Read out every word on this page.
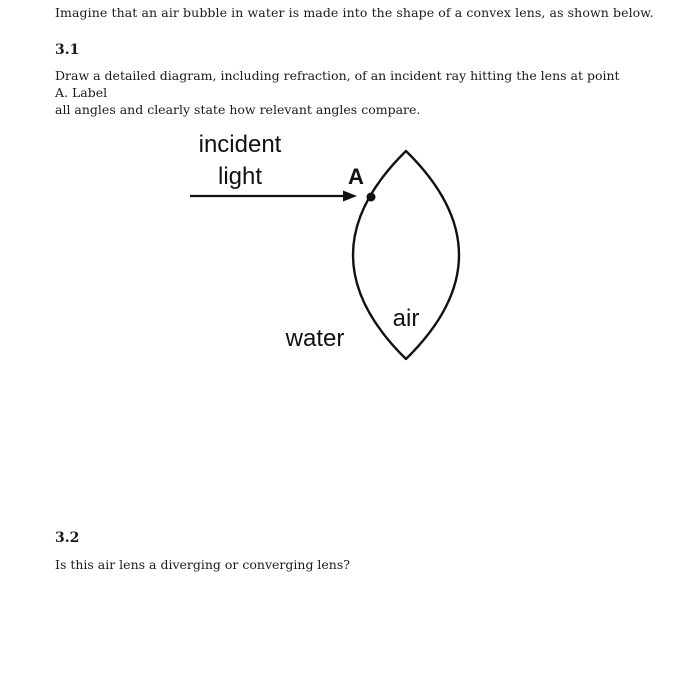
Imagine that an air bubble in water is made into the shape of a convex lens, as shown below.
3.1
Draw a detailed diagram, including refraction, of an incident ray hitting the lens at point A. Label
all angles and clearly state how relevant angles compare.
incident
light	A
air
water
3.2
Is this air lens a diverging or converging lens?
